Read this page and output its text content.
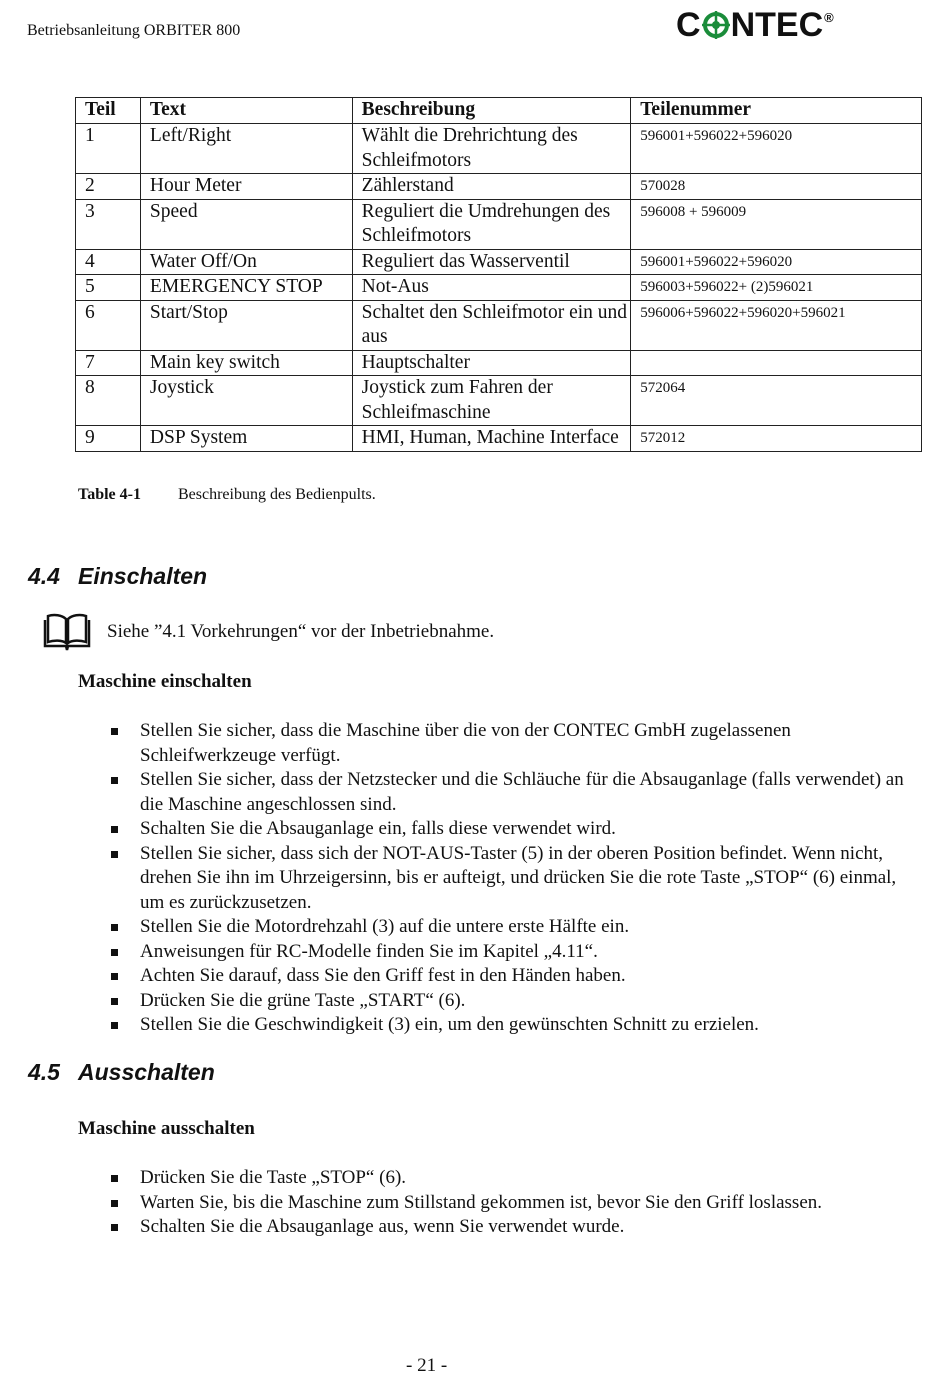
Betriebsanleitung ORBITER 800	C NTEC®
Teil	Text	Beschreibung	Teilenummer
1	Left/Right	Wählt die Drehrichtung des Schleifmotors	596001+596022+596020
2	Hour Meter	Zählerstand	570028
3	Speed	Reguliert die Umdrehungen des Schleifmotors	596008 + 596009
4	Water Off/On	Reguliert das Wasserventil	596001+596022+596020
5	EMERGENCY STOP	Not-Aus	596003+596022+ (2)596021
6	Start/Stop	Schaltet den Schleifmotor ein und aus	596006+596022+596020+596021
7	Main key switch	Hauptschalter	
8	Joystick	Joystick zum Fahren der Schleifmaschine	572064
9	DSP System	HMI, Human, Machine Interface	572012
Table 4-1 Beschreibung des Bedienpults.
4.4 Einschalten
Siehe ”4.1 Vorkehrungen“ vor der Inbetriebnahme.
Maschine einschalten
Stellen Sie sicher, dass die Maschine über die von der CONTEC GmbH zugelassenen Schleifwerkzeuge verfügt.
Stellen Sie sicher, dass der Netzstecker und die Schläuche für die Absauganlage (falls verwendet) an die Maschine angeschlossen sind.
Schalten Sie die Absauganlage ein, falls diese verwendet wird.
Stellen Sie sicher, dass sich der NOT-AUS-Taster (5) in der oberen Position befindet. Wenn nicht, drehen Sie ihn im Uhrzeigersinn, bis er aufteigt, und drücken Sie die rote Taste „STOP“ (6) einmal, um es zurückzusetzen.
Stellen Sie die Motordrehzahl (3) auf die untere erste Hälfte ein.
Anweisungen für RC-Modelle finden Sie im Kapitel „4.11“.
Achten Sie darauf, dass Sie den Griff fest in den Händen haben.
Drücken Sie die grüne Taste „START“ (6).
Stellen Sie die Geschwindigkeit (3) ein, um den gewünschten Schnitt zu erzielen.
4.5 Ausschalten
Maschine ausschalten
Drücken Sie die Taste „STOP“ (6).
Warten Sie, bis die Maschine zum Stillstand gekommen ist, bevor Sie den Griff loslassen.
Schalten Sie die Absauganlage aus, wenn Sie verwendet wurde.
- 21 -
